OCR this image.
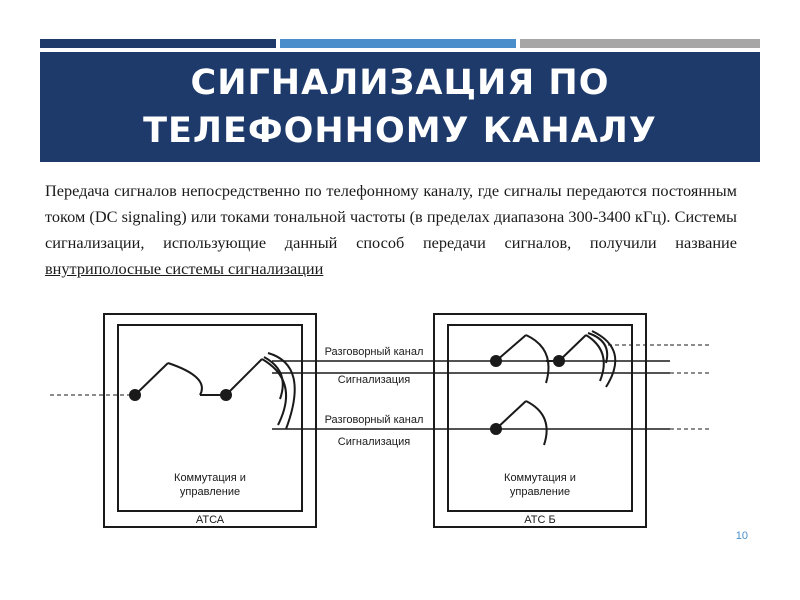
СИГНАЛИЗАЦИЯ ПО
ТЕЛЕФОННОМУ КАНАЛУ

Передача сигналов непосредственно по телефонному каналу, где сигналы передаются постоянным током (DC signaling) или токами тональной частоты (в пределах диапазона 300-3400 кГц). Системы сигнализации, использующие данный способ передачи сигналов, получили название внутриполосные системы сигнализации

Разговорный канал
Сигнализация
Разговорный канал
Сигнализация
Коммутация и
управление
АТСА
Коммутация и
управление
АТС Б
10
